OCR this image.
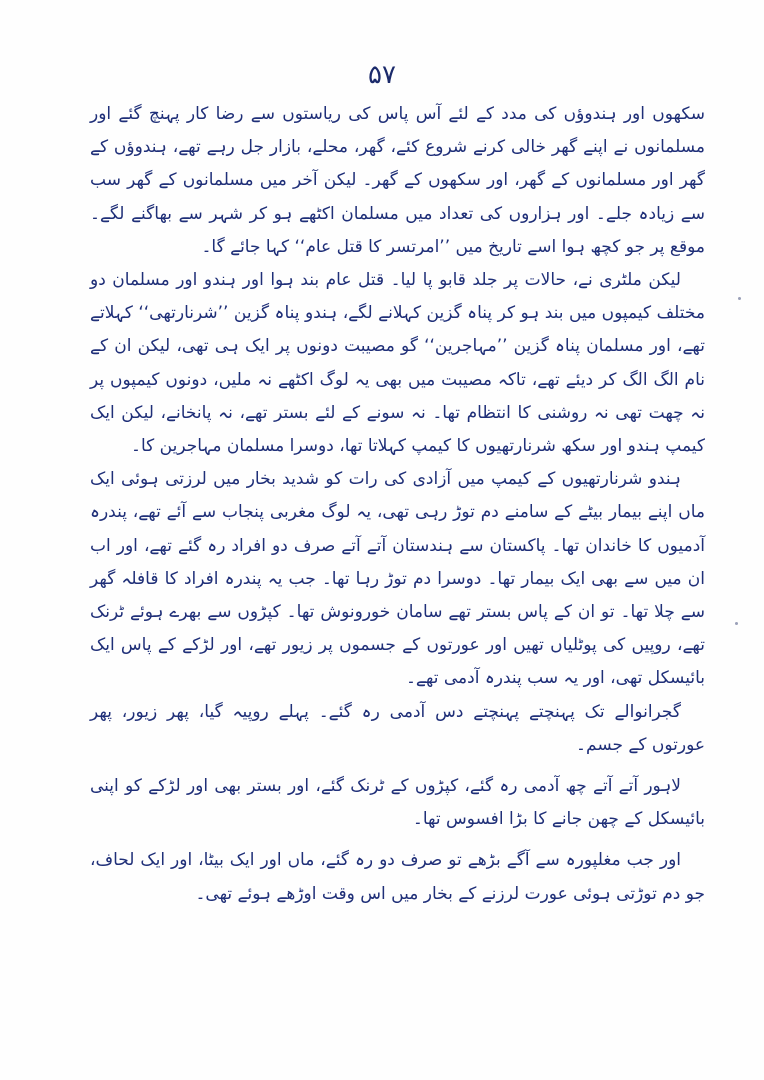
۵۷

سکھوں اور ہندوؤں کی مدد کے لئے آس پاس کی ریاستوں سے رضا کار پہنچ گئے اور مسلمانوں نے اپنے گھر خالی کرنے شروع کئے، گھر، محلے، بازار جل رہے تھے، ہندوؤں کے گھر اور مسلمانوں کے گھر، اور سکھوں کے گھر۔ لیکن آخر میں مسلمانوں کے گھر سب سے زیادہ جلے۔ اور ہزاروں کی تعداد میں مسلمان اکٹھے ہو کر شہر سے بھاگنے لگے۔ موقع پر جو کچھ ہوا اسے تاریخ میں ’’امرتسر کا قتل عام‘‘ کہا جائے گا۔

لیکن ملٹری نے، حالات پر جلد قابو پا لیا۔ قتل عام بند ہوا اور ہندو اور مسلمان دو مختلف کیمپوں میں بند ہو کر پناہ گزین کہلانے لگے، ہندو پناہ گزین ’’شرنارتھی‘‘ کہلاتے تھے، اور مسلمان پناہ گزین ’’مہاجرین‘‘ گو مصیبت دونوں پر ایک ہی تھی، لیکن ان کے نام الگ الگ کر دیئے تھے، تاکہ مصیبت میں بھی یہ لوگ اکٹھے نہ ملیں، دونوں کیمپوں پر نہ چھت تھی نہ روشنی کا انتظام تھا۔ نہ سونے کے لئے بستر تھے، نہ پانخانے، لیکن ایک کیمپ ہندو اور سکھ شرنارتھیوں کا کیمپ کہلاتا تھا، دوسرا مسلمان مہاجرین کا۔

ہندو شرنارتھیوں کے کیمپ میں آزادی کی رات کو شدید بخار میں لرزتی ہوئی ایک ماں اپنے بیمار بیٹے کے سامنے دم توڑ رہی تھی، یہ لوگ مغربی پنجاب سے آئے تھے، پندرہ آدمیوں کا خاندان تھا۔ پاکستان سے ہندستان آتے آتے صرف دو افراد رہ گئے تھے، اور اب ان میں سے بھی ایک بیمار تھا۔ دوسرا دم توڑ رہا تھا۔ جب یہ پندرہ افراد کا قافلہ گھر سے چلا تھا۔ تو ان کے پاس بستر تھے سامان خورونوش تھا۔ کپڑوں سے بھرے ہوئے ٹرنک تھے، روپیں کی پوٹلیاں تھیں اور عورتوں کے جسموں پر زیور تھے، اور لڑکے کے پاس ایک بائیسکل تھی، اور یہ سب پندرہ آدمی تھے۔

گجرانوالے تک پہنچتے پہنچتے دس آدمی رہ گئے۔ پہلے روپیہ گیا، پھر زیور، پھر عورتوں کے جسم۔

لاہور آتے آتے چھ آدمی رہ گئے، کپڑوں کے ٹرنک گئے، اور بستر بھی اور لڑکے کو اپنی بائیسکل کے چھن جانے کا بڑا افسوس تھا۔

اور جب مغلپورہ سے آگے بڑھے تو صرف دو رہ گئے، ماں اور ایک بیٹا، اور ایک لحاف، جو دم توڑتی ہوئی عورت لرزنے کے بخار میں اس وقت اوڑھے ہوئے تھی۔
